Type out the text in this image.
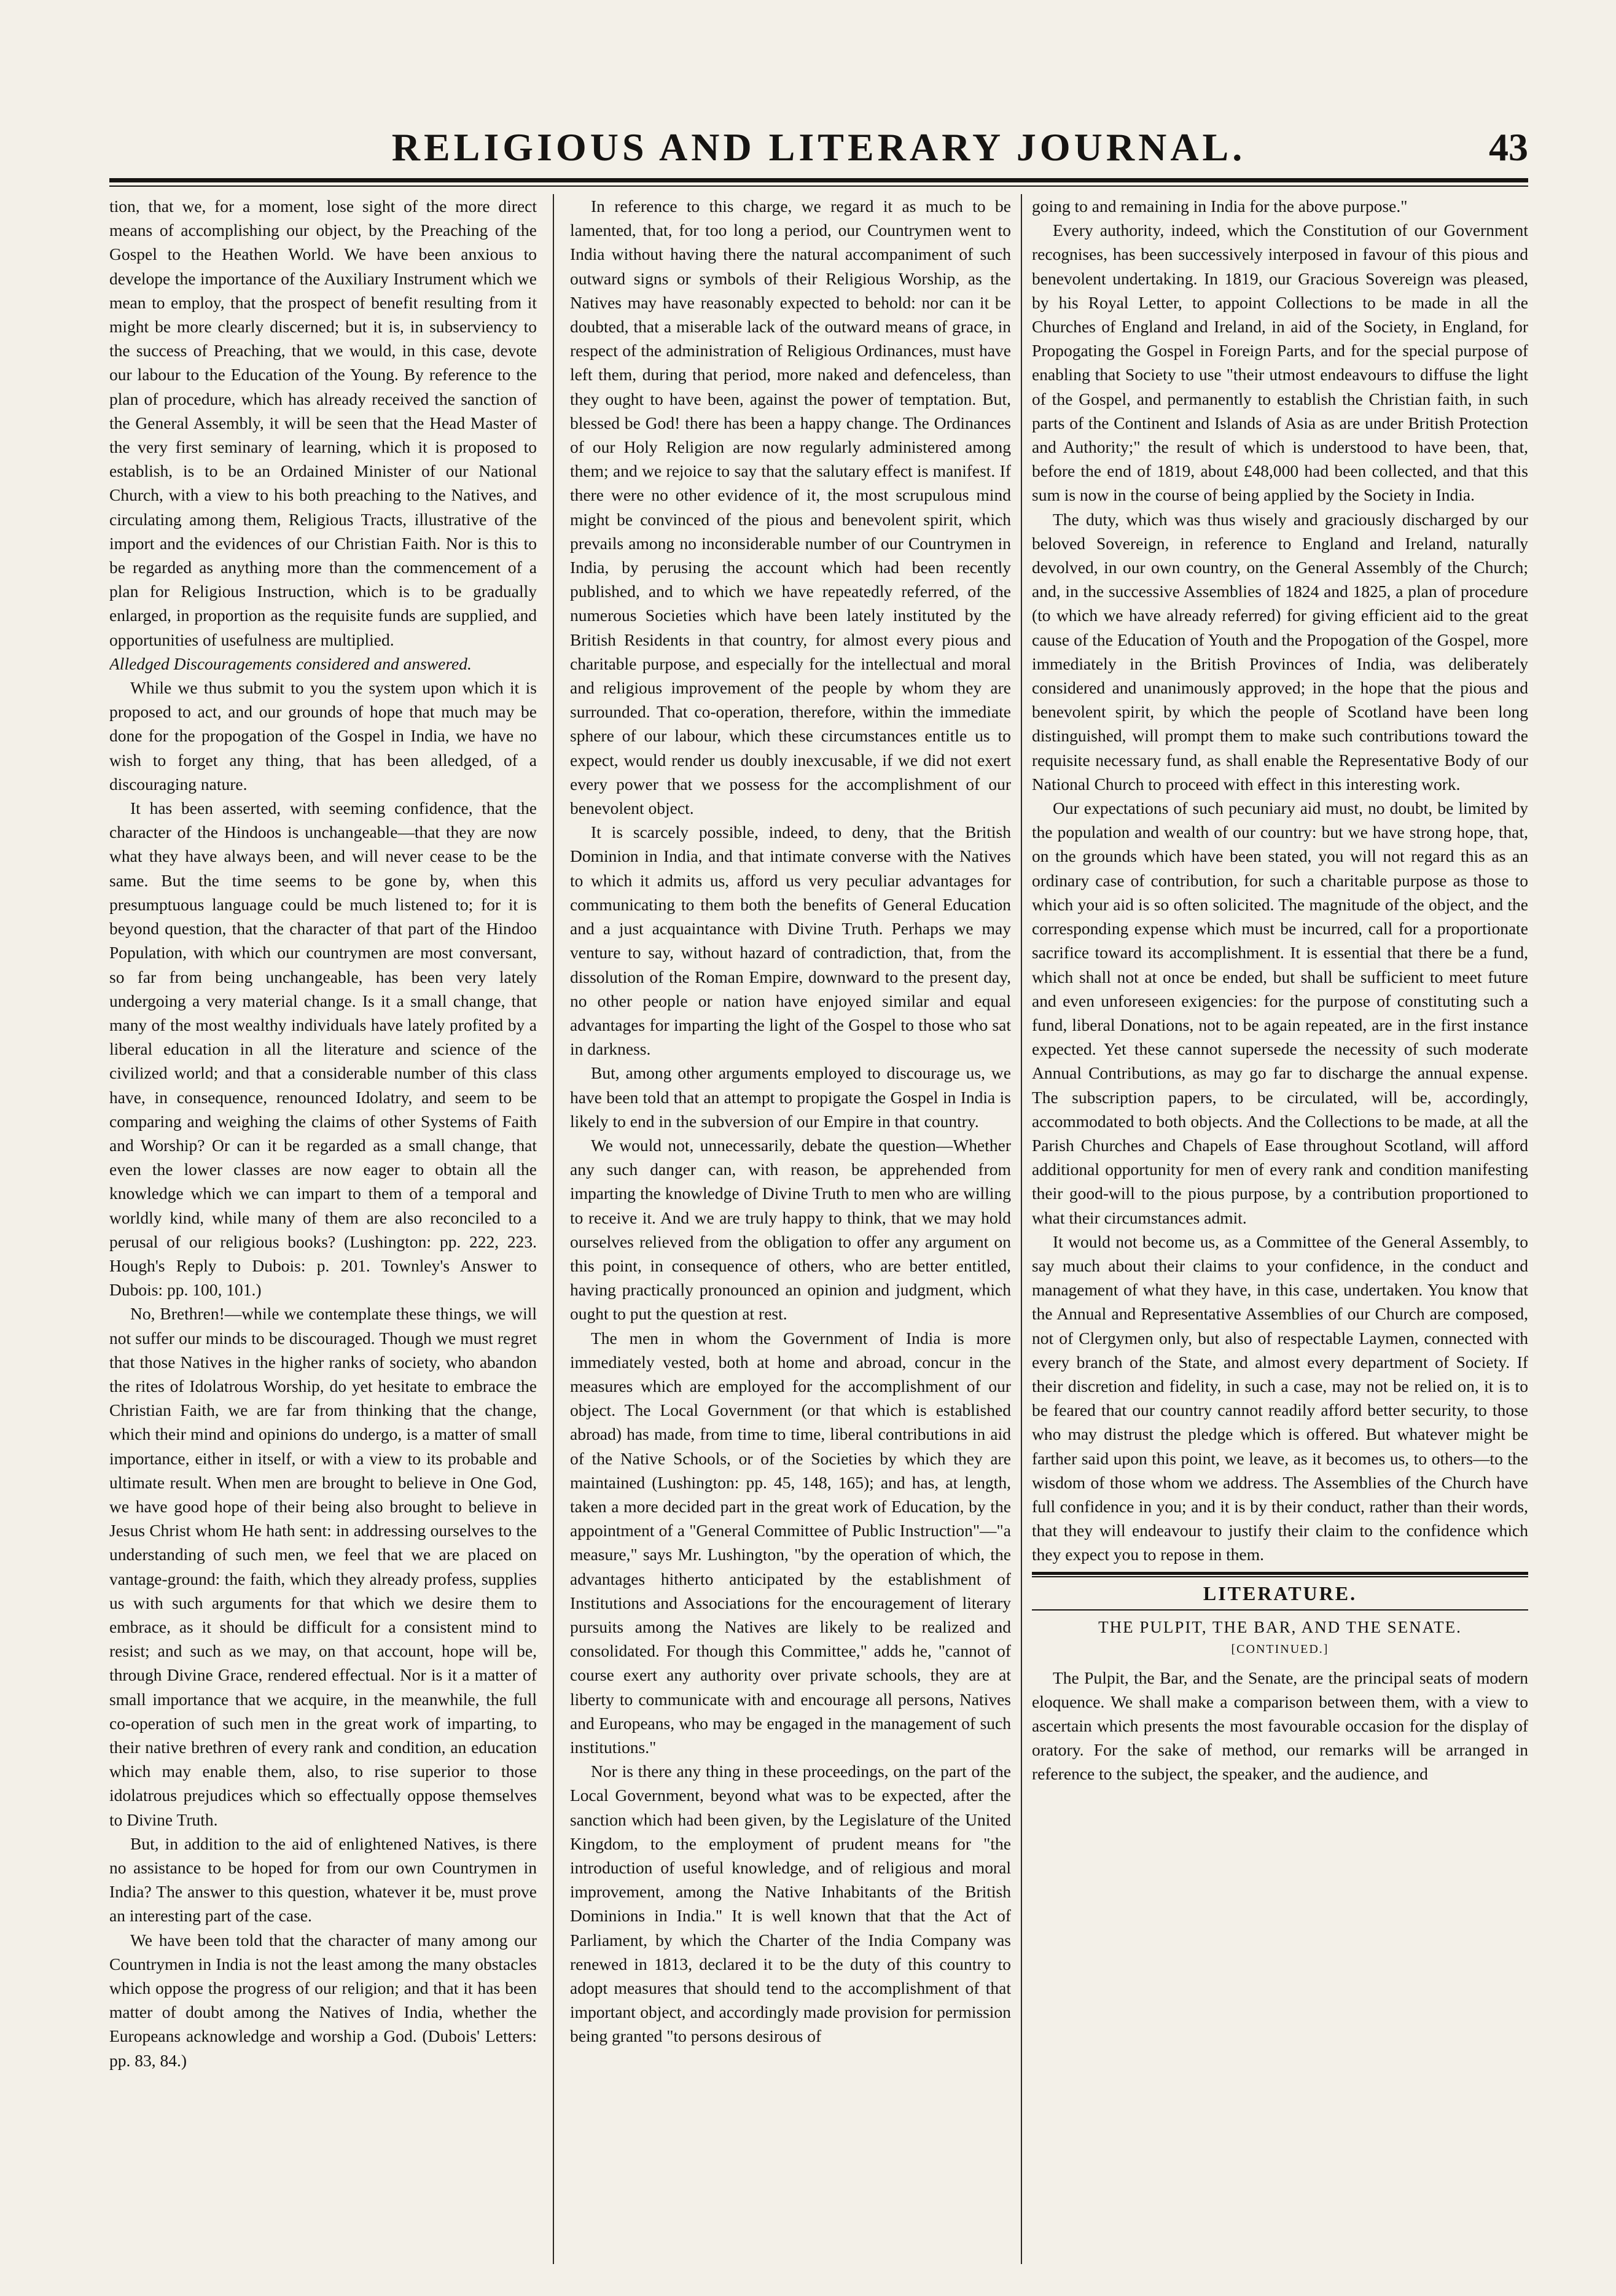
RELIGIOUS AND LITERARY JOURNAL.	43

tion, that we, for a moment, lose sight of the more direct means of accomplishing our object, by the Preaching of the Gospel to the Heathen World. We have been anxious to develope the importance of the Auxiliary Instrument which we mean to employ, that the prospect of benefit resulting from it might be more clearly discerned; but it is, in subserviency to the success of Preaching, that we would, in this case, devote our labour to the Education of the Young. By reference to the plan of procedure, which has already received the sanction of the General Assembly, it will be seen that the Head Master of the very first seminary of learning, which it is proposed to establish, is to be an Ordained Minister of our National Church, with a view to his both preaching to the Natives, and circulating among them, Religious Tracts, illustrative of the import and the evidences of our Christian Faith. Nor is this to be regarded as anything more than the commencement of a plan for Religious Instruction, which is to be gradually enlarged, in proportion as the requisite funds are supplied, and opportunities of usefulness are multiplied.

Alledged Discouragements considered and answered.

While we thus submit to you the system upon which it is proposed to act, and our grounds of hope that much may be done for the propogation of the Gospel in India, we have no wish to forget any thing, that has been alledged, of a discouraging nature.

It has been asserted, with seeming confidence, that the character of the Hindoos is unchangeable—that they are now what they have always been, and will never cease to be the same. But the time seems to be gone by, when this presumptuous language could be much listened to; for it is beyond question, that the character of that part of the Hindoo Population, with which our countrymen are most conversant, so far from being unchangeable, has been very lately undergoing a very material change. Is it a small change, that many of the most wealthy individuals have lately profited by a liberal education in all the literature and science of the civilized world; and that a considerable number of this class have, in consequence, renounced Idolatry, and seem to be comparing and weighing the claims of other Systems of Faith and Worship? Or can it be regarded as a small change, that even the lower classes are now eager to obtain all the knowledge which we can impart to them of a temporal and worldly kind, while many of them are also reconciled to a perusal of our religious books? (Lushington: pp. 222, 223. Hough's Reply to Dubois: p. 201. Townley's Answer to Dubois: pp. 100, 101.)

No, Brethren!—while we contemplate these things, we will not suffer our minds to be discouraged. Though we must regret that those Natives in the higher ranks of society, who abandon the rites of Idolatrous Worship, do yet hesitate to embrace the Christian Faith, we are far from thinking that the change, which their mind and opinions do undergo, is a matter of small importance, either in itself, or with a view to its probable and ultimate result. When men are brought to believe in One God, we have good hope of their being also brought to believe in Jesus Christ whom He hath sent: in addressing ourselves to the understanding of such men, we feel that we are placed on vantage-ground: the faith, which they already profess, supplies us with such arguments for that which we desire them to embrace, as it should be difficult for a consistent mind to resist; and such as we may, on that account, hope will be, through Divine Grace, rendered effectual. Nor is it a matter of small importance that we acquire, in the meanwhile, the full co-operation of such men in the great work of imparting, to their native brethren of every rank and condition, an education which may enable them, also, to rise superior to those idolatrous prejudices which so effectually oppose themselves to Divine Truth.

But, in addition to the aid of enlightened Natives, is there no assistance to be hoped for from our own Countrymen in India? The answer to this question, whatever it be, must prove an interesting part of the case.

We have been told that the character of many among our Countrymen in India is not the least among the many obstacles which oppose the progress of our religion; and that it has been matter of doubt among the Natives of India, whether the Europeans acknowledge and worship a God. (Dubois' Letters: pp. 83, 84.)

In reference to this charge, we regard it as much to be lamented, that, for too long a period, our Countrymen went to India without having there the natural accompaniment of such outward signs or symbols of their Religious Worship, as the Natives may have reasonably expected to behold: nor can it be doubted, that a miserable lack of the outward means of grace, in respect of the administration of Religious Ordinances, must have left them, during that period, more naked and defenceless, than they ought to have been, against the power of temptation. But, blessed be God! there has been a happy change. The Ordinances of our Holy Religion are now regularly administered among them; and we rejoice to say that the salutary effect is manifest. If there were no other evidence of it, the most scrupulous mind might be convinced of the pious and benevolent spirit, which prevails among no inconsiderable number of our Countrymen in India, by perusing the account which had been recently published, and to which we have repeatedly referred, of the numerous Societies which have been lately instituted by the British Residents in that country, for almost every pious and charitable purpose, and especially for the intellectual and moral and religious improvement of the people by whom they are surrounded. That co-operation, therefore, within the immediate sphere of our labour, which these circumstances entitle us to expect, would render us doubly inexcusable, if we did not exert every power that we possess for the accomplishment of our benevolent object.

It is scarcely possible, indeed, to deny, that the British Dominion in India, and that intimate converse with the Natives to which it admits us, afford us very peculiar advantages for communicating to them both the benefits of General Education and a just acquaintance with Divine Truth. Perhaps we may venture to say, without hazard of contradiction, that, from the dissolution of the Roman Empire, downward to the present day, no other people or nation have enjoyed similar and equal advantages for imparting the light of the Gospel to those who sat in darkness.

But, among other arguments employed to discourage us, we have been told that an attempt to propigate the Gospel in India is likely to end in the subversion of our Empire in that country.

We would not, unnecessarily, debate the question—Whether any such danger can, with reason, be apprehended from imparting the knowledge of Divine Truth to men who are willing to receive it. And we are truly happy to think, that we may hold ourselves relieved from the obligation to offer any argument on this point, in consequence of others, who are better entitled, having practically pronounced an opinion and judgment, which ought to put the question at rest.

The men in whom the Government of India is more immediately vested, both at home and abroad, concur in the measures which are employed for the accomplishment of our object. The Local Government (or that which is established abroad) has made, from time to time, liberal contributions in aid of the Native Schools, or of the Societies by which they are maintained (Lushington: pp. 45, 148, 165); and has, at length, taken a more decided part in the great work of Education, by the appointment of a "General Committee of Public Instruction"—"a measure," says Mr. Lushington, "by the operation of which, the advantages hitherto anticipated by the establishment of Institutions and Associations for the encouragement of literary pursuits among the Natives are likely to be realized and consolidated. For though this Committee," adds he, "cannot of course exert any authority over private schools, they are at liberty to communicate with and encourage all persons, Natives and Europeans, who may be engaged in the management of such institutions."

Nor is there any thing in these proceedings, on the part of the Local Government, beyond what was to be expected, after the sanction which had been given, by the Legislature of the United Kingdom, to the employment of prudent means for "the introduction of useful knowledge, and of religious and moral improvement, among the Native Inhabitants of the British Dominions in India." It is well known that that the Act of Parliament, by which the Charter of the India Company was renewed in 1813, declared it to be the duty of this country to adopt measures that should tend to the accomplishment of that important object, and accordingly made provision for permission being granted "to persons desirous of

going to and remaining in India for the above purpose."

Every authority, indeed, which the Constitution of our Government recognises, has been successively interposed in favour of this pious and benevolent undertaking. In 1819, our Gracious Sovereign was pleased, by his Royal Letter, to appoint Collections to be made in all the Churches of England and Ireland, in aid of the Society, in England, for Propogating the Gospel in Foreign Parts, and for the special purpose of enabling that Society to use "their utmost endeavours to diffuse the light of the Gospel, and permanently to establish the Christian faith, in such parts of the Continent and Islands of Asia as are under British Protection and Authority;" the result of which is understood to have been, that, before the end of 1819, about £48,000 had been collected, and that this sum is now in the course of being applied by the Society in India.

The duty, which was thus wisely and graciously discharged by our beloved Sovereign, in reference to England and Ireland, naturally devolved, in our own country, on the General Assembly of the Church; and, in the successive Assemblies of 1824 and 1825, a plan of procedure (to which we have already referred) for giving efficient aid to the great cause of the Education of Youth and the Propogation of the Gospel, more immediately in the British Provinces of India, was deliberately considered and unanimously approved; in the hope that the pious and benevolent spirit, by which the people of Scotland have been long distinguished, will prompt them to make such contributions toward the requisite necessary fund, as shall enable the Representative Body of our National Church to proceed with effect in this interesting work.

Our expectations of such pecuniary aid must, no doubt, be limited by the population and wealth of our country: but we have strong hope, that, on the grounds which have been stated, you will not regard this as an ordinary case of contribution, for such a charitable purpose as those to which your aid is so often solicited. The magnitude of the object, and the corresponding expense which must be incurred, call for a proportionate sacrifice toward its accomplishment. It is essential that there be a fund, which shall not at once be ended, but shall be sufficient to meet future and even unforeseen exigencies: for the purpose of constituting such a fund, liberal Donations, not to be again repeated, are in the first instance expected. Yet these cannot supersede the necessity of such moderate Annual Contributions, as may go far to discharge the annual expense. The subscription papers, to be circulated, will be, accordingly, accommodated to both objects. And the Collections to be made, at all the Parish Churches and Chapels of Ease throughout Scotland, will afford additional opportunity for men of every rank and condition manifesting their good-will to the pious purpose, by a contribution proportioned to what their circumstances admit.

It would not become us, as a Committee of the General Assembly, to say much about their claims to your confidence, in the conduct and management of what they have, in this case, undertaken. You know that the Annual and Representative Assemblies of our Church are composed, not of Clergymen only, but also of respectable Laymen, connected with every branch of the State, and almost every department of Society. If their discretion and fidelity, in such a case, may not be relied on, it is to be feared that our country cannot readily afford better security, to those who may distrust the pledge which is offered. But whatever might be farther said upon this point, we leave, as it becomes us, to others—to the wisdom of those whom we address. The Assemblies of the Church have full confidence in you; and it is by their conduct, rather than their words, that they will endeavour to justify their claim to the confidence which they expect you to repose in them.

LITERATURE.

THE PULPIT, THE BAR, AND THE SENATE.

[CONTINUED.]

The Pulpit, the Bar, and the Senate, are the principal seats of modern eloquence. We shall make a comparison between them, with a view to ascertain which presents the most favourable occasion for the display of oratory. For the sake of method, our remarks will be arranged in reference to the subject, the speaker, and the audience, and
